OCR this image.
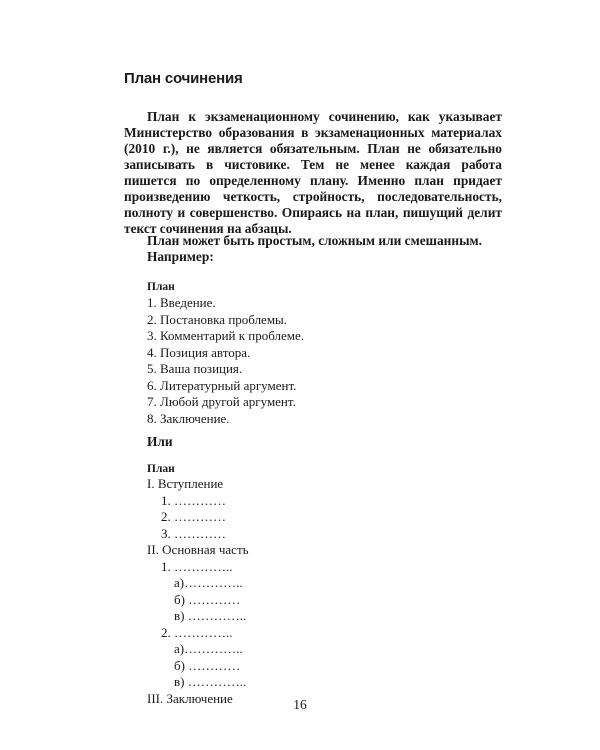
План сочинения

План к экзаменационному сочинению, как указывает Министерство образования в экзаменационных материалах (2010 г.), не является обязательным. План не обязательно записывать в чистовике. Тем не менее каждая работа пишется по определенному плану. Именно план придает произведению четкость, стройность, последовательность, полноту и совершенство. Опираясь на план, пишущий делит текст сочинения на абзацы.

План может быть простым, сложным или смешанным.

Например:

План
1. Введение.
2. Постановка проблемы.
3. Комментарий к проблеме.
4. Позиция автора.
5. Ваша позиция.
6. Литературный аргумент.
7. Любой другой аргумент.
8. Заключение.
Или
План
I. Вступление
1. …………
2. …………
3. …………
II. Основная часть
1. …………..
а)…………..
б) …………
в) …………..
2. …………..
а)…………..
б) …………
в) …………..
III. Заключение	16
